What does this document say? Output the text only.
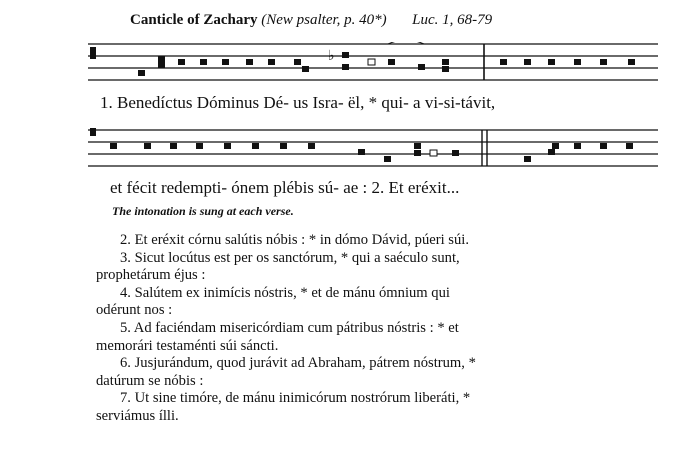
Canticle of Zachary (New psalter, p. 40*) Luc. 1, 68-79
♭
1. Benedíctus Dóminus Dé- us Isra- ël, * qui- a vi-si-távit,
et fécit redempti- ónem plébis sú- ae : 2. Et eréxit...
The intonation is sung at each verse.

2. Et eréxit córnu salútis nóbis : * in dómo Dávid, púeri súi.

3. Sicut locútus est per os sanctórum, * qui a saéculo sunt,
prophetárum éjus :

4. Salútem ex inimícis nóstris, * et de mánu ómnium qui
odérunt nos :

5. Ad faciéndam misericórdiam cum pátribus nóstris : * et
memorári testaménti súi sáncti.

6. Jusjurándum, quod jurávit ad Abraham, pátrem nóstrum, *
datúrum se nóbis :

7. Ut sine timóre, de mánu inimicórum nostrórum liberáti, *
serviámus ílli.
